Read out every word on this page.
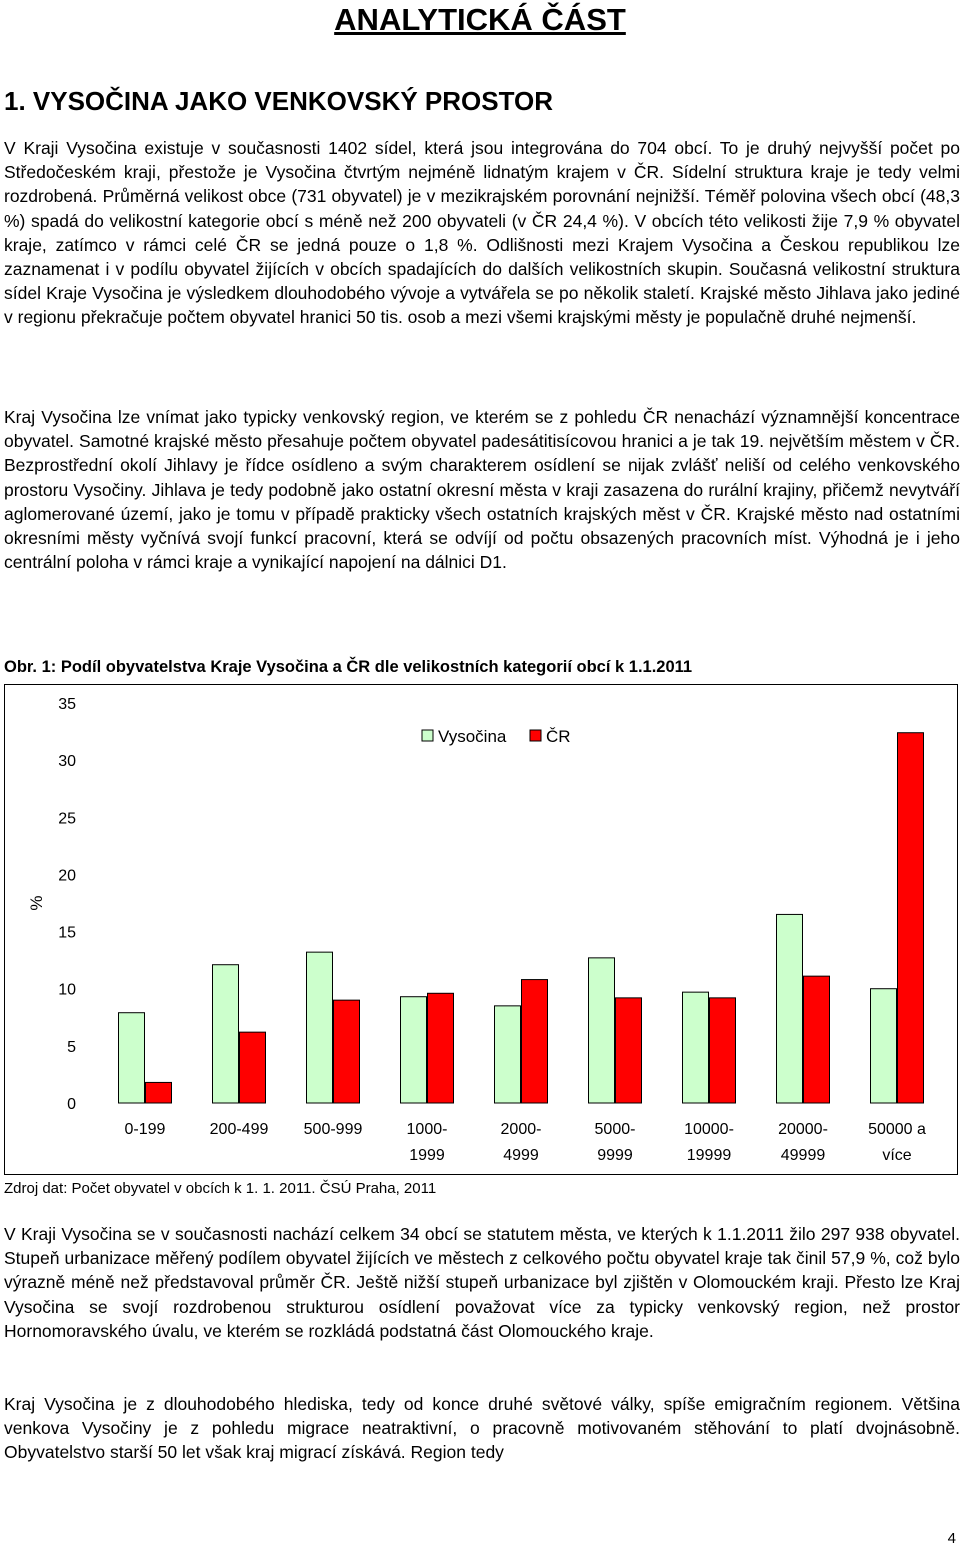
ANALYTICKÁ ČÁST
1. VYSOČINA JAKO VENKOVSKÝ PROSTOR

V Kraji Vysočina existuje v současnosti 1402 sídel, která jsou integrována do 704 obcí. To je druhý nejvyšší počet po Středočeském kraji, přestože je Vysočina čtvrtým nejméně lidnatým krajem v ČR. Sídelní struktura kraje je tedy velmi rozdrobená. Průměrná velikost obce (731 obyvatel) je v mezikrajském porovnání nejnižší. Téměř polovina všech obcí (48,3 %) spadá do velikostní kategorie obcí s méně než 200 obyvateli (v ČR 24,4 %). V obcích této velikosti žije 7,9 % obyvatel kraje, zatímco v rámci celé ČR se jedná pouze o 1,8 %. Odlišnosti mezi Krajem Vysočina a Českou republikou lze zaznamenat i v podílu obyvatel žijících v obcích spadajících do dalších velikostních skupin. Současná velikostní struktura sídel Kraje Vysočina je výsledkem dlouhodobého vývoje a vytvářela se po několik staletí. Krajské město Jihlava jako jediné v regionu překračuje počtem obyvatel hranici 50 tis. osob a mezi všemi krajskými městy je populačně druhé nejmenší.

Kraj Vysočina lze vnímat jako typicky venkovský region, ve kterém se z pohledu ČR nenachází významnější koncentrace obyvatel. Samotné krajské město přesahuje počtem obyvatel padesátitisícovou hranici a je tak 19. největším městem v ČR. Bezprostřední okolí Jihlavy je řídce osídleno a svým charakterem osídlení se nijak zvlášť neliší od celého venkovského prostoru Vysočiny. Jihlava je tedy podobně jako ostatní okresní města v kraji zasazena do rurální krajiny, přičemž nevytváří aglomerované území, jako je tomu v případě prakticky všech ostatních krajských měst v ČR. Krajské město nad ostatními okresními městy vyčnívá svojí funkcí pracovní, která se odvíjí od počtu obsazených pracovních míst. Výhodná je i jeho centrální poloha v rámci kraje a vynikající napojení na dálnici D1.

Obr. 1: Podíl obyvatelstva Kraje Vysočina a ČR dle velikostních kategorií obcí k 1.1.2011
0
5
10
15
20
25
30
35
%
0-199	200-499 500-999	1000-
1999
2000-
4999
5000-
9999
10000-
19999
20000-
49999
50000 a
více
Vysočina ČR
Zdroj dat: Počet obyvatel v obcích k 1. 1. 2011. ČSÚ Praha, 2011

V Kraji Vysočina se v současnosti nachází celkem 34 obcí se statutem města, ve kterých k 1.1.2011 žilo 297 938 obyvatel. Stupeň urbanizace měřený podílem obyvatel žijících ve městech z celkového počtu obyvatel kraje tak činil 57,9 %, což bylo výrazně méně než představoval průměr ČR. Ještě nižší stupeň urbanizace byl zjištěn v Olomouckém kraji. Přesto lze Kraj Vysočina se svojí rozdrobenou strukturou osídlení považovat více za typicky venkovský region, než prostor Hornomoravského úvalu, ve kterém se rozkládá podstatná část Olomouckého kraje.

Kraj Vysočina je z dlouhodobého hlediska, tedy od konce druhé světové války, spíše emigračním regionem. Většina venkova Vysočiny je z pohledu migrace neatraktivní, o pracovně motivovaném stěhování to platí dvojnásobně. Obyvatelstvo starší 50 let však kraj migrací získává. Region tedy

4
